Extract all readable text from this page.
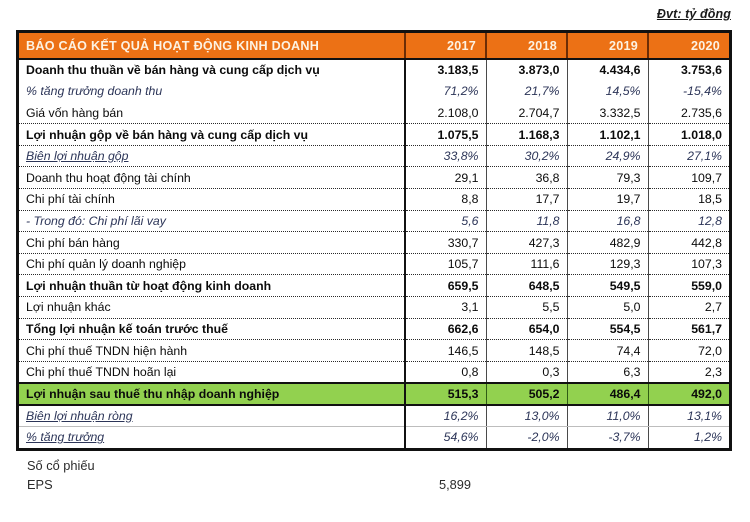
Đvt: tỷ đồng
BÁO CÁO KẾT QUẢ HOẠT ĐỘNG KINH DOANH	2017	2018	2019	2020
Doanh thu thuần về bán hàng và cung cấp dịch vụ	3.183,5	3.873,0	4.434,6	3.753,6
% tăng trưởng doanh thu	71,2%	21,7%	14,5%	-15,4%
Giá vốn hàng bán	2.108,0	2.704,7	3.332,5	2.735,6
Lợi nhuận gộp về bán hàng và cung cấp dịch vụ	1.075,5	1.168,3	1.102,1	1.018,0
Biên lợi nhuận gộp	33,8%	30,2%	24,9%	27,1%
Doanh thu hoạt động tài chính	29,1	36,8	79,3	109,7
Chi phí tài chính	8,8	17,7	19,7	18,5
- Trong đó: Chi phí lãi vay	5,6	11,8	16,8	12,8
Chi phí bán hàng	330,7	427,3	482,9	442,8
Chi phí quản lý doanh nghiệp	105,7	111,6	129,3	107,3
Lợi nhuận thuần từ hoạt động kinh doanh	659,5	648,5	549,5	559,0
Lợi nhuận khác	3,1	5,5	5,0	2,7
Tổng lợi nhuận kế toán trước thuế	662,6	654,0	554,5	561,7
Chi phí thuế TNDN hiện hành	146,5	148,5	74,4	72,0
Chi phí thuế TNDN hoãn lại	0,8	0,3	6,3	2,3
Lợi nhuận sau thuế thu nhập doanh nghiệp	515,3	505,2	486,4	492,0
Biên lợi nhuận ròng	16,2%	13,0%	11,0%	13,1%
% tăng trưởng	54,6%	-2,0%	-3,7%	1,2%
Số cổ phiếu
EPS	5,899
